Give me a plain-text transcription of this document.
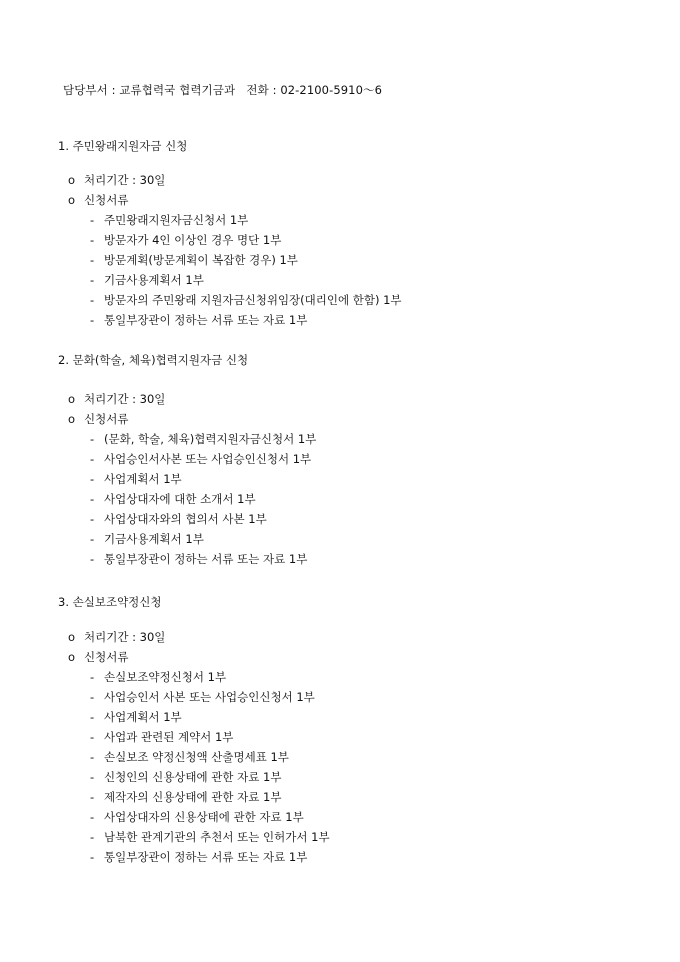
담당부서 : 교류협력국 협력기금과   전화 : 02-2100-5910～6
1. 주민왕래지원자금 신청
o 처리기간 : 30일
o 신청서류
- 주민왕래지원자금신청서 1부
- 방문자가 4인 이상인 경우 명단 1부
- 방문계획(방문계획이 복잡한 경우) 1부
- 기금사용계획서 1부
- 방문자의 주민왕래 지원자금신청위임장(대리인에 한함) 1부
- 통일부장관이 정하는 서류 또는 자료 1부
2. 문화(학술, 체육)협력지원자금 신청
o 처리기간 : 30일
o 신청서류
- (문화, 학술, 체육)협력지원자금신청서 1부
- 사업승인서사본 또는 사업승인신청서 1부
- 사업계획서 1부
- 사업상대자에 대한 소개서 1부
- 사업상대자와의 협의서 사본 1부
- 기금사용계획서 1부
- 통일부장관이 정하는 서류 또는 자료 1부
3. 손실보조약정신청
o 처리기간 : 30일
o 신청서류
- 손실보조약정신청서 1부
- 사업승인서 사본 또는 사업승인신청서 1부
- 사업계획서 1부
- 사업과 관련된 계약서 1부
- 손실보조 약정신청액 산출명세표 1부
- 신청인의 신용상태에 관한 자료 1부
- 제작자의 신용상태에 관한 자료 1부
- 사업상대자의 신용상태에 관한 자료 1부
- 남북한 관계기관의 추천서 또는 인허가서 1부
- 통일부장관이 정하는 서류 또는 자료 1부
